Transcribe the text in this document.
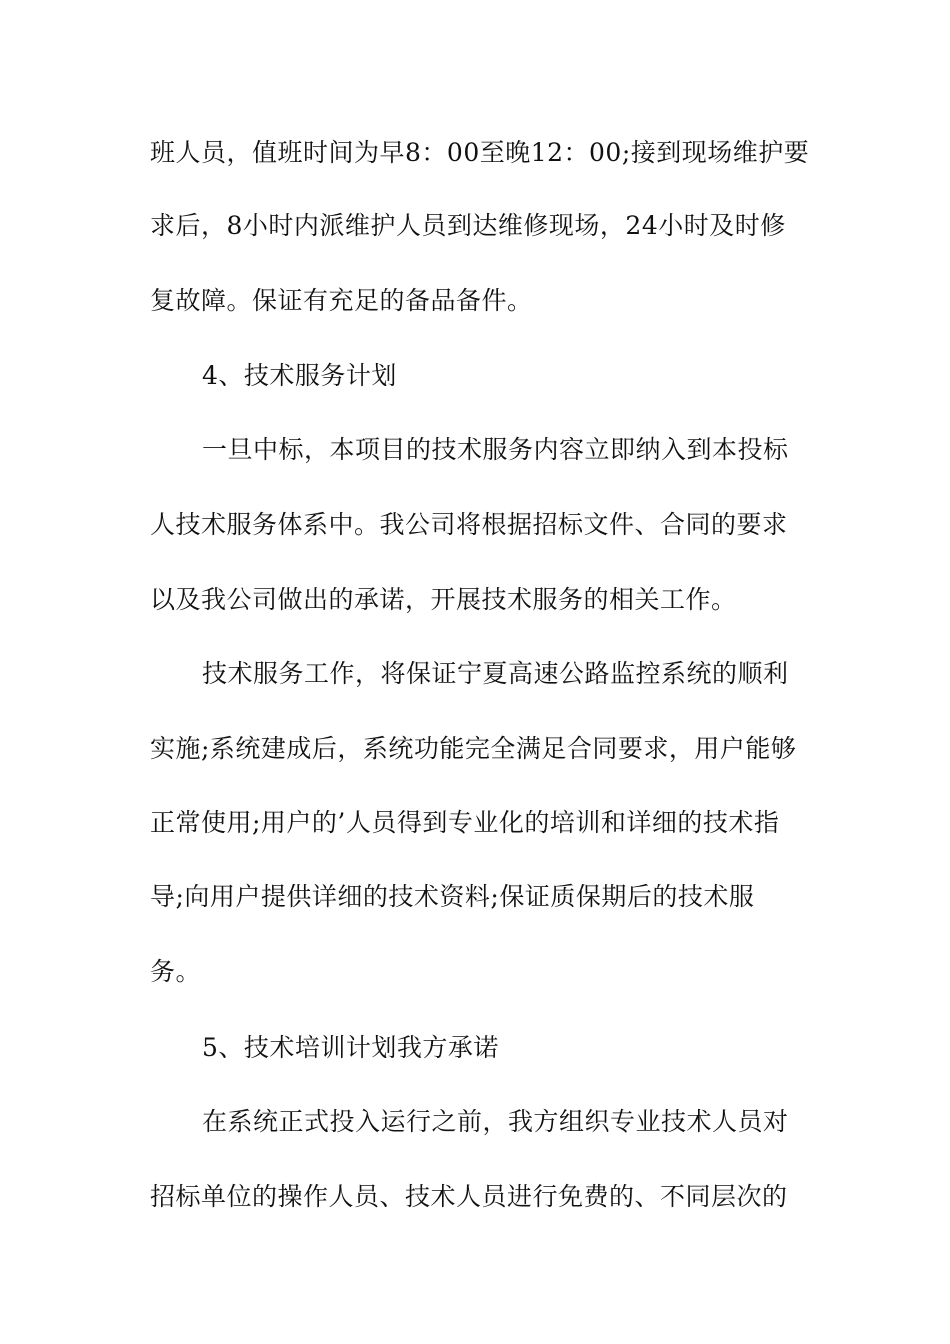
班人员，值班时间为早8：00至晚12：00;接到现场维护要
求后，8小时内派维护人员到达维修现场，24小时及时修
复故障。保证有充足的备品备件。
4、技术服务计划
一旦中标，本项目的技术服务内容立即纳入到本投标
人技术服务体系中。我公司将根据招标文件、合同的要求
以及我公司做出的承诺，开展技术服务的相关工作。
技术服务工作，将保证宁夏高速公路监控系统的顺利
实施;系统建成后，系统功能完全满足合同要求，用户能够
正常使用;用户的’人员得到专业化的培训和详细的技术指
导;向用户提供详细的技术资料;保证质保期后的技术服
务。
5、技术培训计划我方承诺
在系统正式投入运行之前，我方组织专业技术人员对
招标单位的操作人员、技术人员进行免费的、不同层次的
